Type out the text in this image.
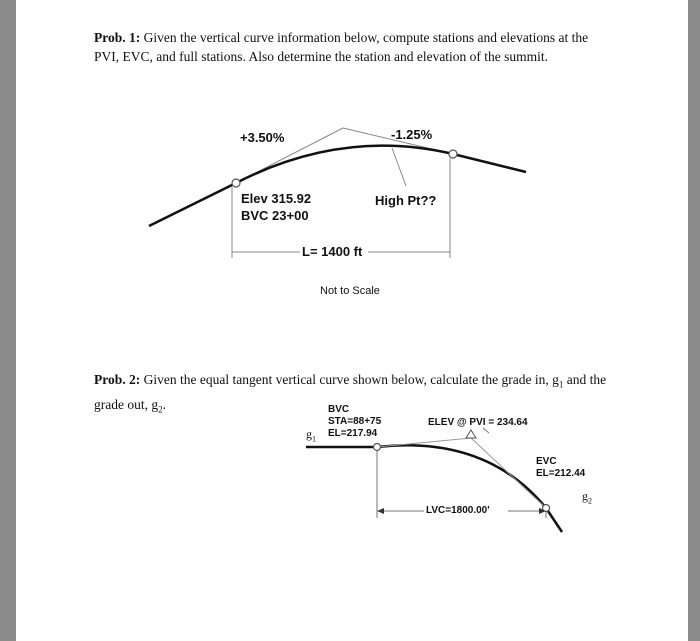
Prob. 1: Given the vertical curve information below, compute stations and elevations at the PVI, EVC, and full stations. Also determine the station and elevation of the summit.
+3.50%	-1.25%
Elev 315.92
BVC 23+00
High Pt??
L= 1400 ft
Not to Scale
Prob. 2: Given the equal tangent vertical curve shown below, calculate the grade in, $g_1$ and the grade out, $g_2$.	BVC
STA=88+75
EL=217.94
$g_1$
ELEV @ PVI = 234.64
EVC
EL=212.44
$g_2$
LVC=1800.00'
